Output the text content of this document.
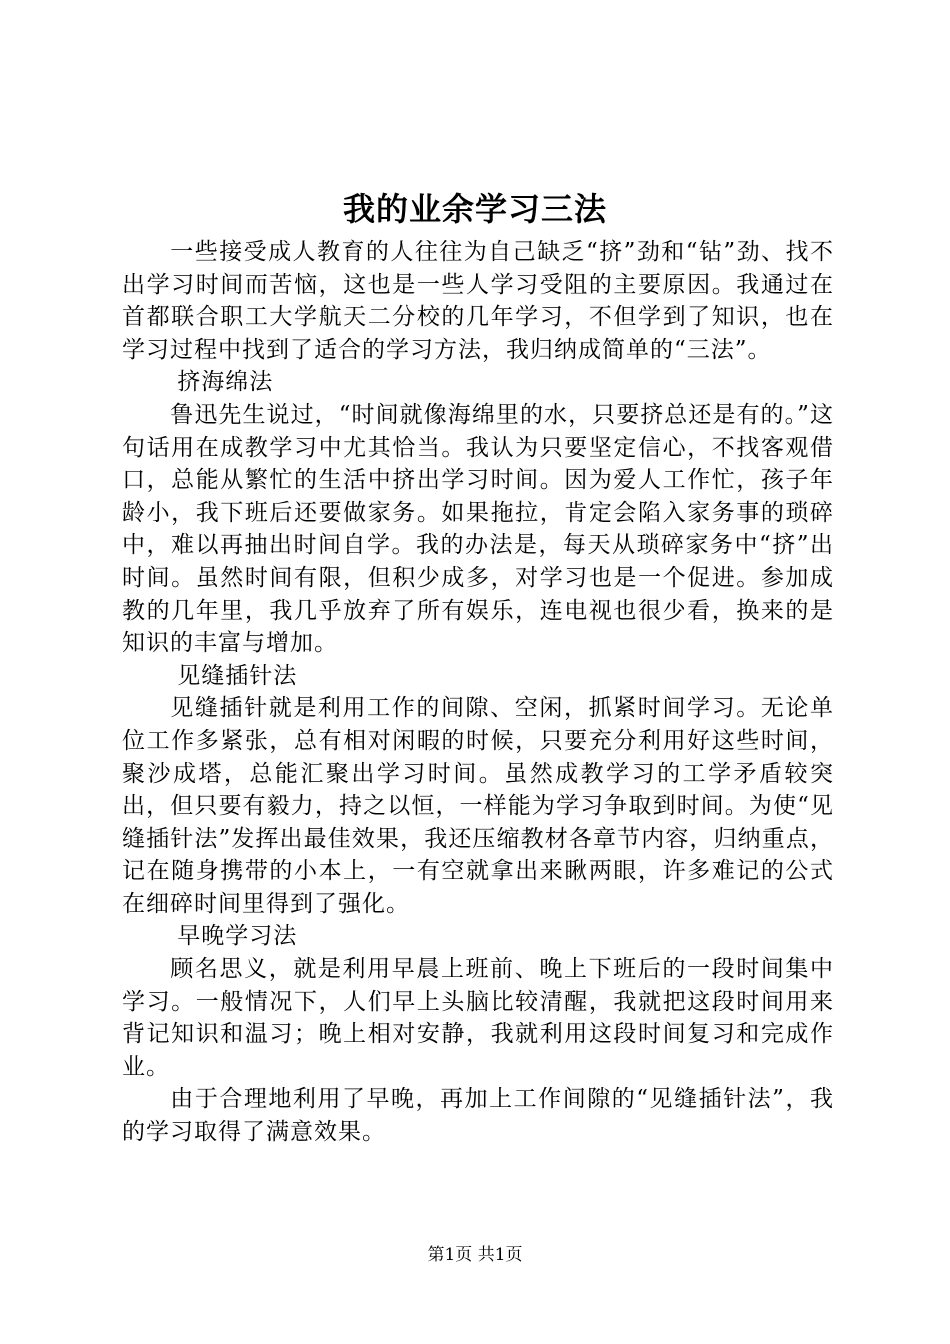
我的业余学习三法

一些接受成人教育的人往往为自己缺乏“挤”劲和“钻”劲、找不出学习时间而苦恼，这也是一些人学习受阻的主要原因。我通过在首都联合职工大学航天二分校的几年学习，不但学到了知识，也在学习过程中找到了适合的学习方法，我归纳成简单的“三法”。

挤海绵法

鲁迅先生说过，“时间就像海绵里的水，只要挤总还是有的。”这句话用在成教学习中尤其恰当。我认为只要坚定信心，不找客观借口，总能从繁忙的生活中挤出学习时间。因为爱人工作忙，孩子年龄小，我下班后还要做家务。如果拖拉，肯定会陷入家务事的琐碎中，难以再抽出时间自学。我的办法是，每天从琐碎家务中“挤”出时间。虽然时间有限，但积少成多，对学习也是一个促进。参加成教的几年里，我几乎放弃了所有娱乐，连电视也很少看，换来的是知识的丰富与增加。

见缝插针法

见缝插针就是利用工作的间隙、空闲，抓紧时间学习。无论单位工作多紧张，总有相对闲暇的时候，只要充分利用好这些时间，聚沙成塔，总能汇聚出学习时间。虽然成教学习的工学矛盾较突出，但只要有毅力，持之以恒，一样能为学习争取到时间。为使“见缝插针法”发挥出最佳效果，我还压缩教材各章节内容，归纳重点，记在随身携带的小本上，一有空就拿出来瞅两眼，许多难记的公式在细碎时间里得到了强化。

早晚学习法

顾名思义，就是利用早晨上班前、晚上下班后的一段时间集中学习。一般情况下，人们早上头脑比较清醒，我就把这段时间用来背记知识和温习；晚上相对安静，我就利用这段时间复习和完成作业。

由于合理地利用了早晚，再加上工作间隙的“见缝插针法”，我的学习取得了满意效果。

第1页 共1页
